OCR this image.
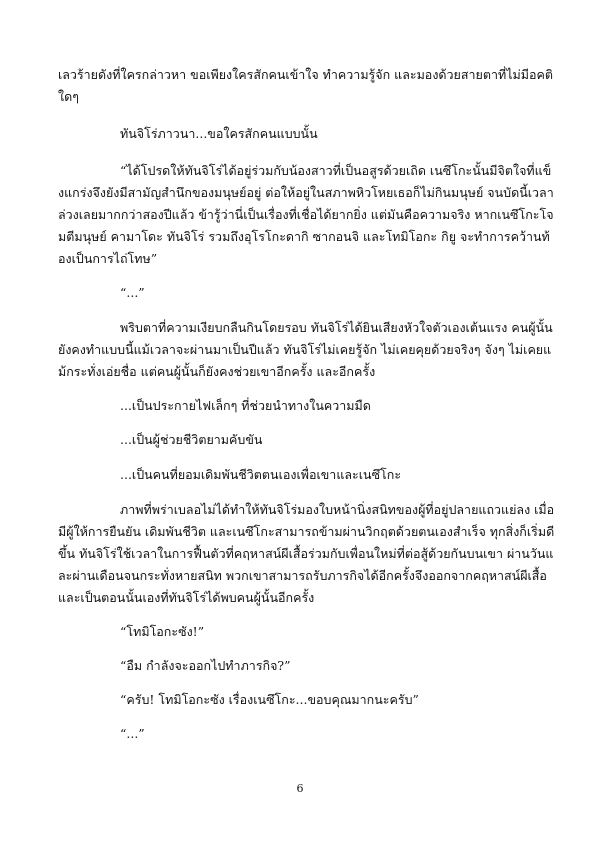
เลวร้ายดังที่ใครกล่าวหา ขอเพียงใครสักคนเข้าใจ ทำความรู้จัก และมองด้วยสายตาที่ไม่มีอคติใดๆ

ทันจิโร่ภาวนา...ขอใครสักคนแบบนั้น

“ได้โปรดให้ทันจิโร่ได้อยู่ร่วมกับน้องสาวที่เป็นอสูรด้วยเถิด เนซึโกะนั้นมีจิตใจที่แข็งแกร่งจึงยังมีสามัญสำนึกของมนุษย์อยู่ ต่อให้อยู่ในสภาพหิวโหยเธอก็ไม่กินมนุษย์ จนบัดนี้เวลาล่วงเลยมากกว่าสองปีแล้ว ข้ารู้ว่านี่เป็นเรื่องที่เชื่อได้ยากยิ่ง แต่มันคือความจริง หากเนซึโกะโจมตีมนุษย์ คามาโดะ ทันจิโร่ รวมถึงอุโรโกะดากิ ซากอนจิ และโทมิโอกะ กิยู จะทำการคว้านท้องเป็นการไถ่โทษ”

“...”

พริบตาที่ความเงียบกลืนกินโดยรอบ ทันจิโร่ได้ยินเสียงหัวใจตัวเองเต้นแรง คนผู้นั้นยังคงทำแบบนี้แม้เวลาจะผ่านมาเป็นปีแล้ว ทันจิโร่ไม่เคยรู้จัก ไม่เคยคุยด้วยจริงๆ จังๆ ไม่เคยแม้กระทั่งเอ่ยชื่อ แต่คนผู้นั้นก็ยังคงช่วยเขาอีกครั้ง และอีกครั้ง

...เป็นประกายไฟเล็กๆ ที่ช่วยนำทางในความมืด

...เป็นผู้ช่วยชีวิตยามคับขัน

...เป็นคนที่ยอมเดิมพันชีวิตตนเองเพื่อเขาและเนซึโกะ

ภาพที่พร่าเบลอไม่ได้ทำให้ทันจิโร่มองใบหน้านิ่งสนิทของผู้ที่อยู่ปลายแถวแย่ลง เมื่อมีผู้ให้การยืนยัน เดิมพันชีวิต และเนซึโกะสามารถข้ามผ่านวิกฤตด้วยตนเองสำเร็จ ทุกสิ่งก็เริ่มดีขึ้น ทันจิโร่ใช้เวลาในการฟื้นตัวที่คฤหาสน์ผีเสื้อร่วมกับเพื่อนใหม่ที่ต่อสู้ด้วยกันบนเขา ผ่านวันและผ่านเดือนจนกระทั่งหายสนิท พวกเขาสามารถรับภารกิจได้อีกครั้งจึงออกจากคฤหาสน์ผีเสื้อ และเป็นตอนนั้นเองที่ทันจิโร่ได้พบคนผู้นั้นอีกครั้ง

“โทมิโอกะซัง!”

“อืม กำลังจะออกไปทำภารกิจ?”

“ครับ! โทมิโอกะซัง เรื่องเนซึโกะ...ขอบคุณมากนะครับ”

“...”

6
